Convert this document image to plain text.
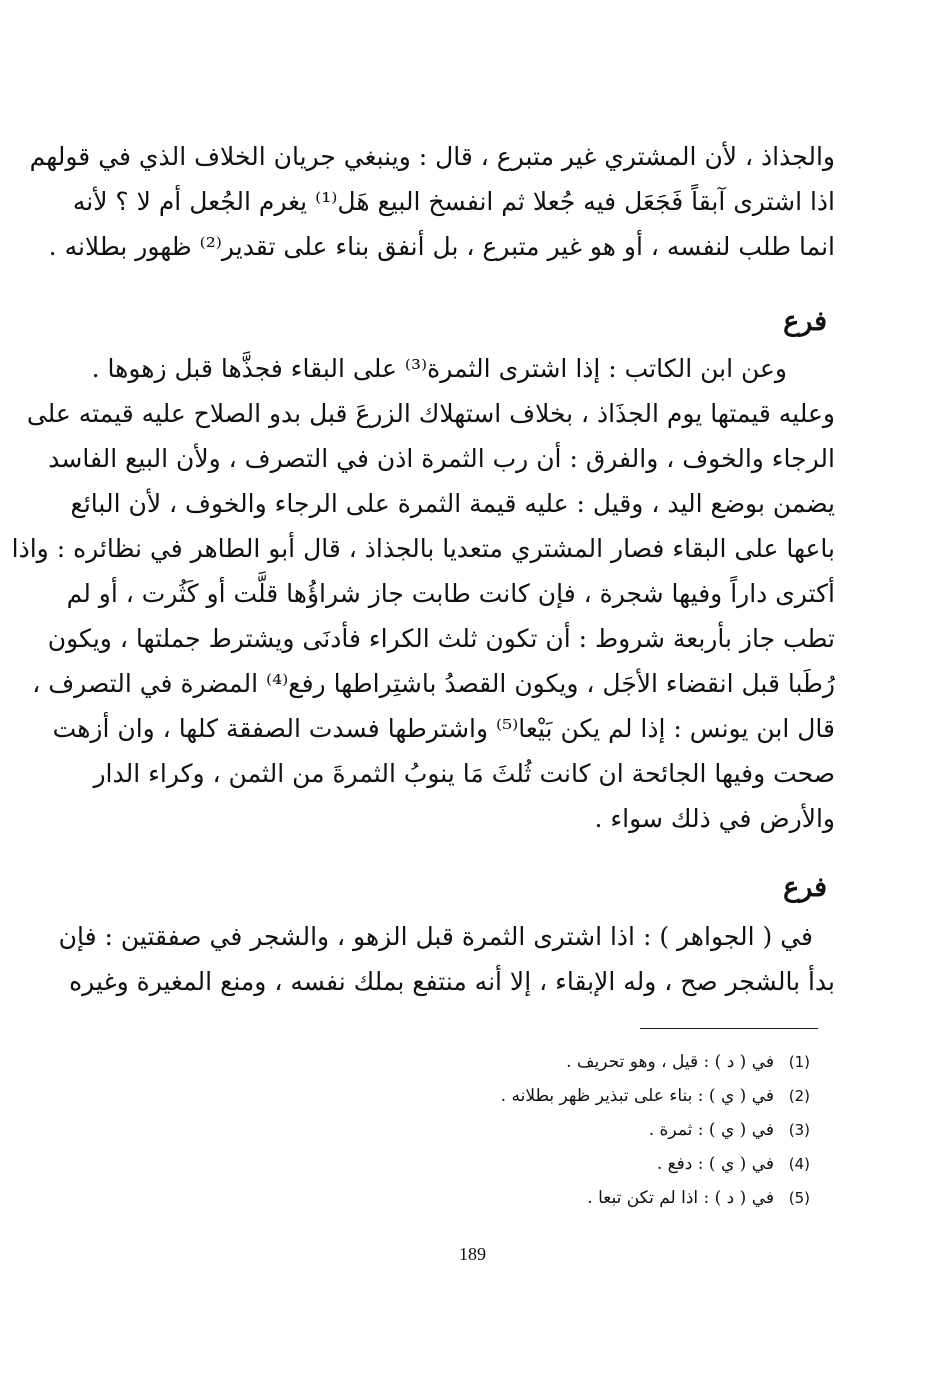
والجذاذ ، لأن المشتري غير متبرع ، قال : وينبغي جريان الخلاف الذي في قولهم
اذا اشترى آبقاً فَجَعَل فيه جُعلا ثم انفسخ البيع هَل⁽¹⁾ يغرم الجُعل أم لا ؟ لأنه
انما طلب لنفسه ، أو هو غير متبرع ، بل أنفق بناء على تقدير⁽²⁾ ظهور بطلانه .
فرع
وعن ابن الكاتب : إذا اشترى الثمرة⁽³⁾ على البقاء فجذَّها قبل زهوها .
وعليه قيمتها يوم الجذَاذ ، بخلاف استهلاك الزرعَ قبل بدو الصلاح عليه قيمته على
الرجاء والخوف ، والفرق : أن رب الثمرة اذن في التصرف ، ولأن البيع الفاسد
يضمن بوضع اليد ، وقيل : عليه قيمة الثمرة على الرجاء والخوف ، لأن البائع
باعها على البقاء فصار المشتري متعديا بالجذاذ ، قال أبو الطاهر في نظائره : واذا
أكترى داراً وفيها شجرة ، فإن كانت طابت جاز شراؤُها قلَّت أو كَثُرت ، أو لم
تطب جاز بأربعة شروط : أن تكون ثلث الكراء فأدنَى ويشترط جملتها ، ويكون
رُطَبا قبل انقضاء الأجَل ، ويكون القصدُ باشتِراطها رفع⁽⁴⁾ المضرة في التصرف ،
قال ابن يونس : إذا لم يكن بَيْعا⁽⁵⁾ واشترطها فسدت الصفقة كلها ، وان أزهت
صحت وفيها الجائحة ان كانت ثُلثَ مَا ينوبُ الثمرةَ من الثمن ، وكراء الدار
والأرض في ذلك سواء .
فرع
في ( الجواهر ) : اذا اشترى الثمرة قبل الزهو ، والشجر في صفقتين : فإن
بدأ بالشجر صح ، وله الإبقاء ، إلا أنه منتفع بملك نفسه ، ومنع المغيرة وغيره
(1)في ( د ) : قيل ، وهو تحريف .
(2)في ( ي ) : بناء على تبذير ظهر بطلانه .
(3)في ( ي ) : ثمرة .
(4)في ( ي ) : دفع .
(5)في ( د ) : اذا لم تكن تبعا .
189
